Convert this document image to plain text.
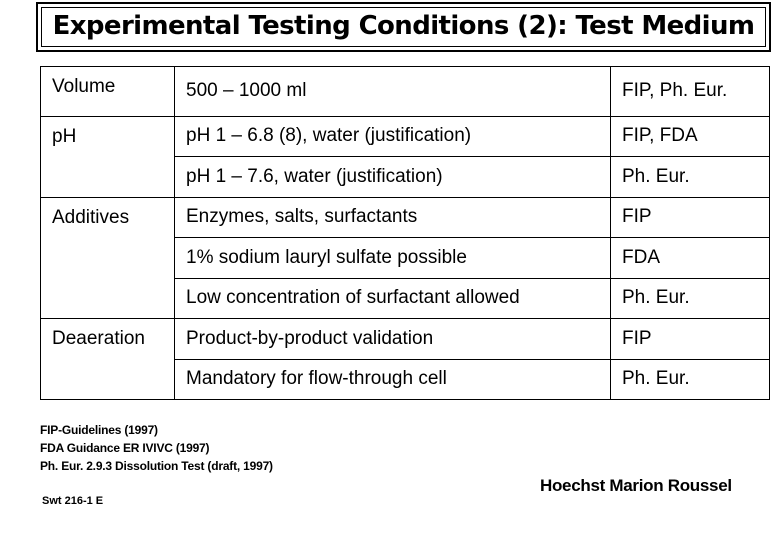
Experimental Testing Conditions (2): Test Medium
Volume	500 – 1000 ml	FIP, Ph. Eur.
pH	pH 1 – 6.8 (8), water (justification)	FIP, FDA
	pH 1 – 7.6, water (justification)	Ph. Eur.
Additives	Enzymes, salts, surfactants	FIP
	1% sodium lauryl sulfate possible	FDA
	Low concentration of surfactant allowed	Ph. Eur.
Deaeration	Product-by-product validation	FIP
	Mandatory for flow-through cell	Ph. Eur.
FIP-Guidelines (1997)
FDA Guidance ER IVIVC (1997)
Ph. Eur. 2.9.3 Dissolution Test (draft, 1997)
Hoechst Marion Roussel
Swt 216-1 E
